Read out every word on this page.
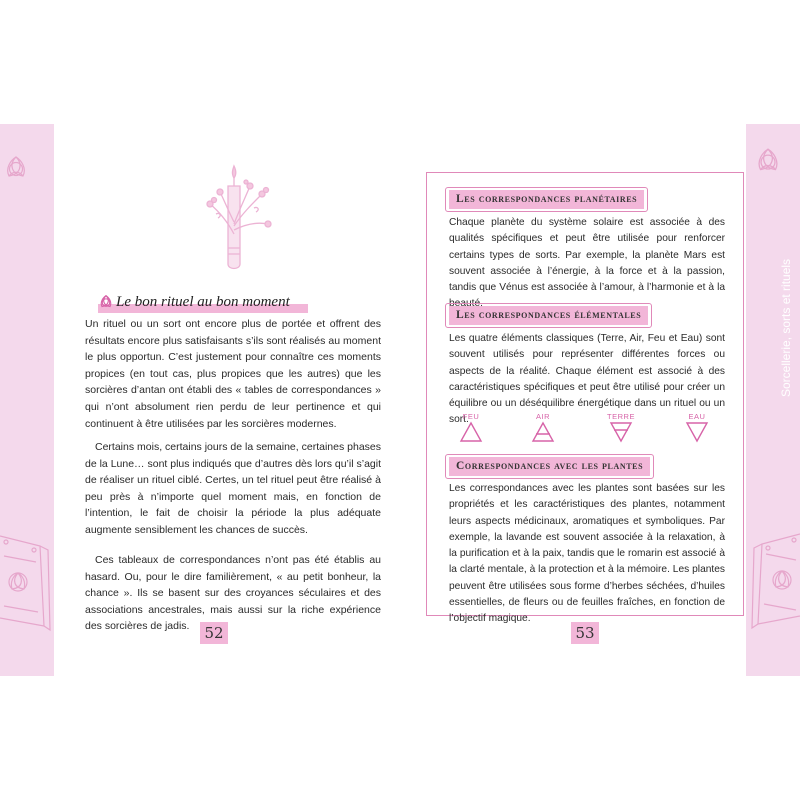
Sorcellerie, sorts et rituels
Le bon rituel au bon moment

Un rituel ou un sort ont encore plus de portée et offrent des résultats encore plus satisfaisants s’ils sont réalisés au moment le plus opportun. C’est justement pour connaître ces moments propices (en tout cas, plus propices que les autres) que les sorcières d’antan ont établi des « tables de correspondances » qui n’ont absolument rien perdu de leur pertinence et qui continuent à être utilisées par les sorcières modernes.

Certains mois, certains jours de la semaine, certaines phases de la Lune… sont plus indiqués que d’autres dès lors qu’il s’agit de réaliser un rituel ciblé. Certes, un tel rituel peut être réalisé à peu près à n’importe quel moment mais, en fonction de l’intention, le fait de choisir la période la plus adéquate augmente sensiblement les chances de succès.

Ces tableaux de correspondances n’ont pas été établis au hasard. Ou, pour le dire familièrement, « au petit bonheur, la chance ». Ils se basent sur des croyances séculaires et des associations ancestrales, mais aussi sur la riche expérience des sorcières de jadis. 52
Les correspondances planétaires
Chaque planète du système solaire est associée à des qualités spécifiques et peut être utilisée pour renforcer certains types de sorts. Par exemple, la planète Mars est souvent associée à l’énergie, à la force et à la passion, tandis que Vénus est associée à l’amour, à l’harmonie et à la
Les correspondances élémentales
Les quatre éléments classiques (Terre, Air, Feu et Eau) sont souvent utilisés pour représenter différentes forces ou aspects de la réalité. Chaque élément est associé à des caractéristiques spécifiques et peut être utilisé pour créer un équilibre ou un déséquilibre énergétique dans un rituel ou un sort.
FEU	AIR	TERRE	EAU
Correspondances avec les plantes
Les correspondances avec les plantes sont basées sur les propriétés et les caractéristiques des plantes, notamment leurs aspects médicinaux, aromatiques et symboliques. Par exemple, la lavande est souvent associée à la relaxation, à la purification et à la paix, tandis que le romarin est associé à la clarté mentale, à la protection et à la mémoire. Les plantes peuvent être utilisées sous forme d’herbes séchées, d’huiles essentielles, de fleurs ou de feuilles fraîches, en fonction de l’objectif magique.
53
